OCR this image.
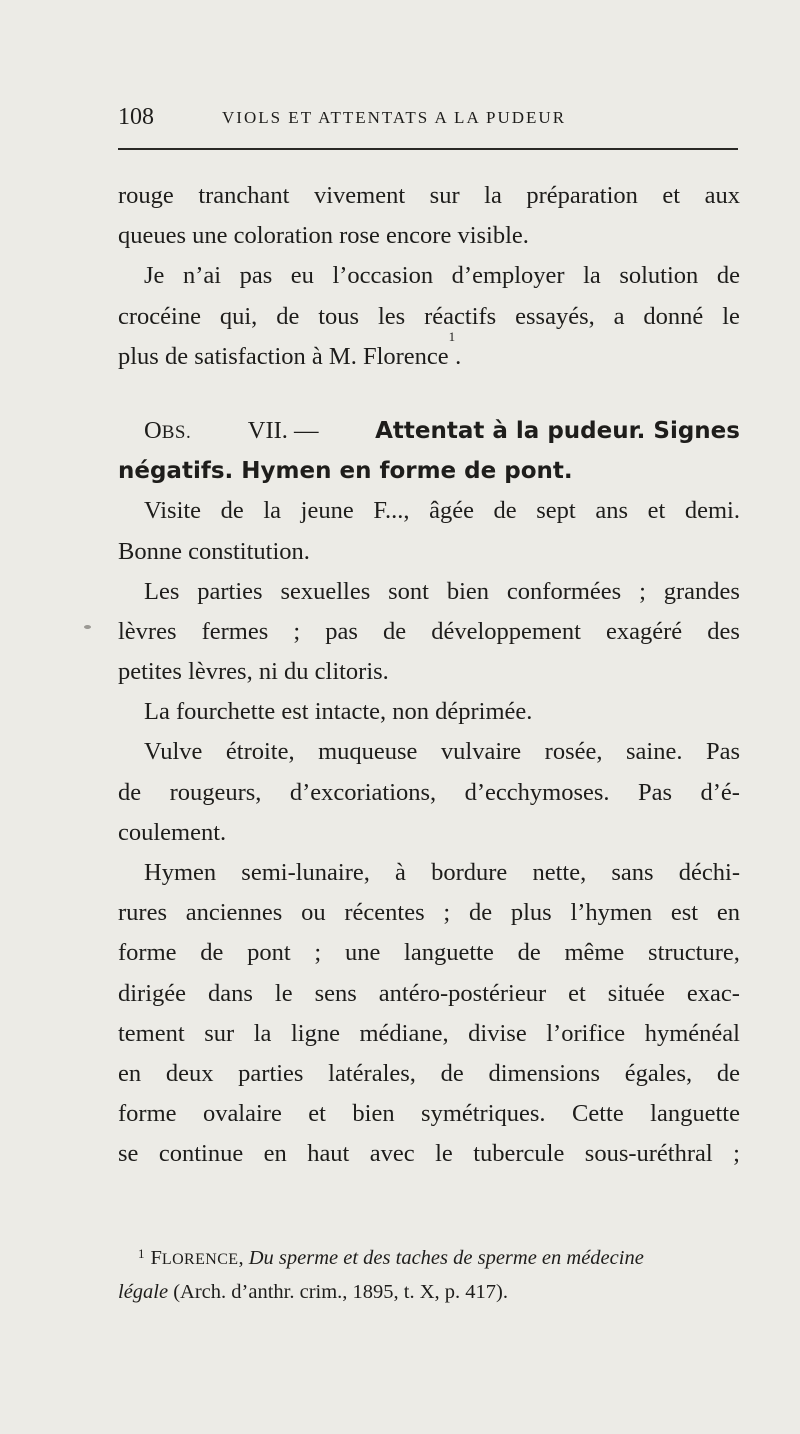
108	VIOLS ET ATTENTATS A LA PUDEUR
rouge tranchant vivement sur la préparation et aux
queues une coloration rose encore visible.
Je n’ai pas eu l’occasion d’employer la solution de
crocéine qui, de tous les réactifs essayés, a donné le
plus de satisfaction à M. Florence
1
.
OBS. VII. — Attentat à la pudeur. Signes
négatifs. Hymen en forme de pont.
Visite de la jeune F..., âgée de sept ans et demi.
Bonne constitution.
Les parties sexuelles sont bien conformées ; grandes
lèvres fermes ; pas de développement exagéré des
petites lèvres, ni du clitoris.
La fourchette est intacte, non déprimée.
Vulve étroite, muqueuse vulvaire rosée, saine. Pas
de rougeurs, d’excoriations, d’ecchymoses. Pas d’é-
coulement.
Hymen semi-lunaire, à bordure nette, sans déchi-
rures anciennes ou récentes ; de plus l’hymen est en
forme de pont ; une languette de même structure,
dirigée dans le sens antéro-postérieur et située exac-
tement sur la ligne médiane, divise l’orifice hyménéal
en deux parties latérales, de dimensions égales, de
forme ovalaire et bien symétriques. Cette languette
se continue en haut avec le tubercule sous-uréthral ;
$^1$ FLORENCE, Du sperme et des taches de sperme en médecine
légale (Arch. d’anthr. crim., 1895, t. X, p. 417).
